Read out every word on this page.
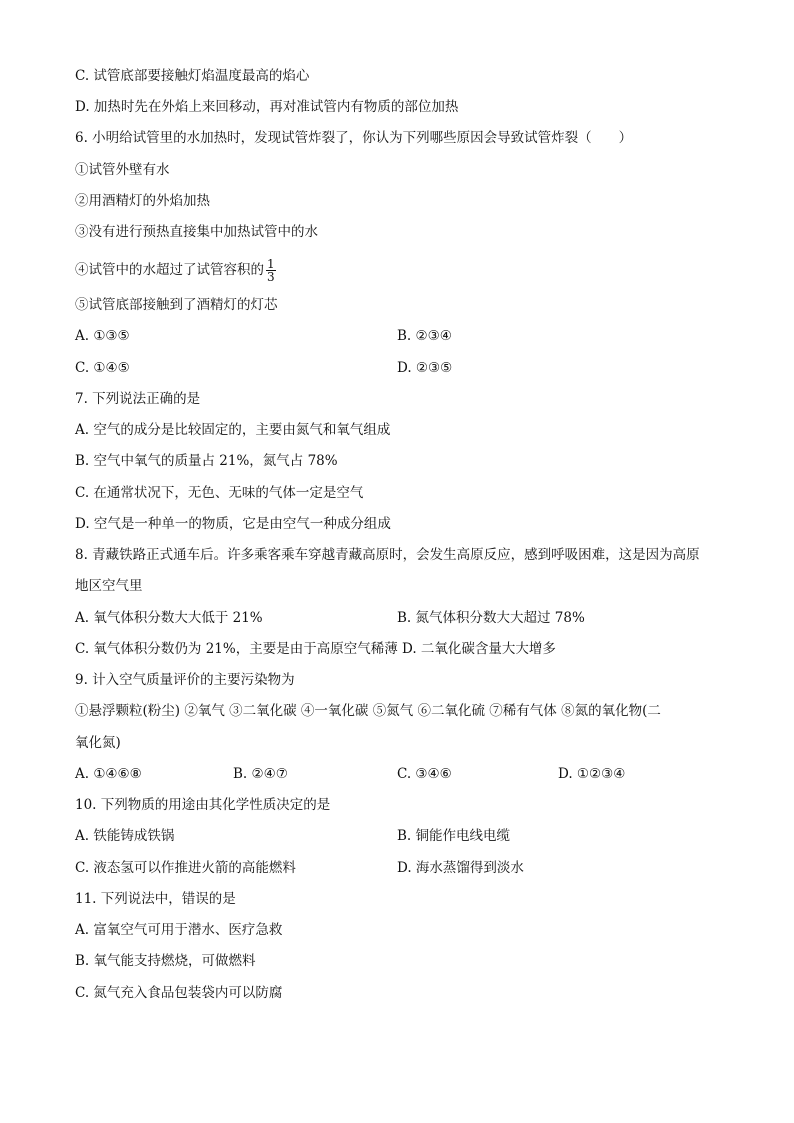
C. 试管底部要接触灯焰温度最高的焰心
D. 加热时先在外焰上来回移动，再对准试管内有物质的部位加热
6. 小明给试管里的水加热时，发现试管炸裂了，你认为下列哪些原因会导致试管炸裂（　　）
①试管外壁有水
②用酒精灯的外焰加热
③没有进行预热直接集中加热试管中的水
④试管中的水超过了试管容积的 $\frac{1}{3}$
⑤试管底部接触到了酒精灯的灯芯
A. ①③⑤	B. ②③④
C. ①④⑤	D. ②③⑤
7. 下列说法正确的是
A. 空气的成分是比较固定的，主要由氮气和氧气组成
B. 空气中氧气的质量占 21%，氮气占 78%
C. 在通常状况下，无色、无味的气体一定是空气
D. 空气是一种单一的物质，它是由空气一种成分组成
8. 青藏铁路正式通车后。许多乘客乘车穿越青藏高原时，会发生高原反应，感到呼吸困难，这是因为高原
地区空气里
A. 氧气体积分数大大低于 21%	B. 氮气体积分数大大超过 78%
C. 氧气体积分数仍为 21%，主要是由于高原空气稀薄 D. 二氧化碳含量大大增多
9. 计入空气质量评价的主要污染物为
①悬浮颗粒(粉尘) ②氧气 ③二氧化碳 ④一氧化碳 ⑤氮气 ⑥二氧化硫 ⑦稀有气体 ⑧氮的氧化物(二
氧化氮)
A. ①④⑥⑧	B. ②④⑦	C. ③④⑥	D. ①②③④
10. 下列物质的用途由其化学性质决定的是
A. 铁能铸成铁锅	B. 铜能作电线电缆
C. 液态氢可以作推进火箭的高能燃料	D. 海水蒸馏得到淡水
11. 下列说法中，错误的是
A. 富氧空气可用于潜水、医疗急救
B. 氧气能支持燃烧，可做燃料
C. 氮气充入食品包装袋内可以防腐
